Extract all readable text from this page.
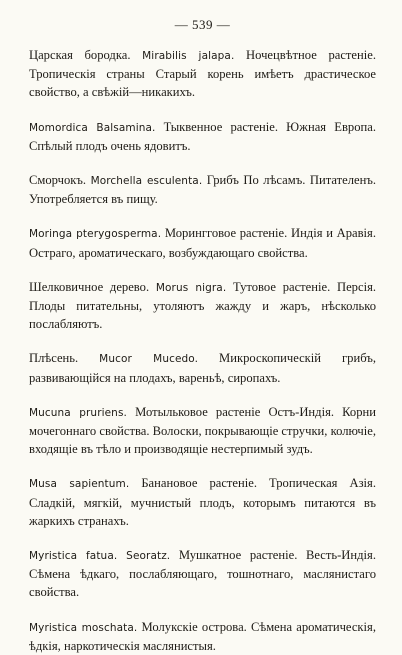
— 539 —

Царская бородка. Mirabilis jalapa. Ночецвѣтное растеніе. Тропическія страны Старый корень имѣетъ драстическое свойство, а свѣжій—никакихъ.

Momordica Balsamina. Тыквенное растеніе. Южная Европа. Спѣлый плодъ очень ядовитъ.

Сморчокъ. Morchella esculenta. Грибъ По лѣсамъ. Питателенъ. Употребляется въ пищу.

Moringa pterygosperma. Морингговое растеніе. Индія и Аравія. Остраго, ароматическаго, возбуждающаго свойства.

Шелковичное дерево. Morus nigra. Тутовое растеніе. Персія. Плоды питательны, утоляютъ жажду и жаръ, нѣсколько послабляютъ.

Плѣсень. Mucor Mucedo. Микроскопическій грибъ, развивающійся на плодахъ, вареньѣ, сиропахъ.

Mucuna pruriens. Мотыльковое растеніе Остъ-Индія. Корни мочегоннаго свойства. Волоски, покрывающіе стручки, колючіе, входящіе въ тѣло и производящіе нестерпимый зудъ.

Musa sapientum. Банановое растеніе. Тропическая Азія. Сладкій, мягкій, мучнистый плодъ, которымъ питаются въ жаркихъ странахъ.

Myristica fatua. Seoratz. Мушкатное растеніе. Весть-Индія. Сѣмена ѣдкаго, послабляющаго, тошнотнаго, маслянистаго свойства.

Myristica moschata. Молукскіе острова. Сѣмена ароматическія, ѣдкія, наркотическія маслянистыя.
